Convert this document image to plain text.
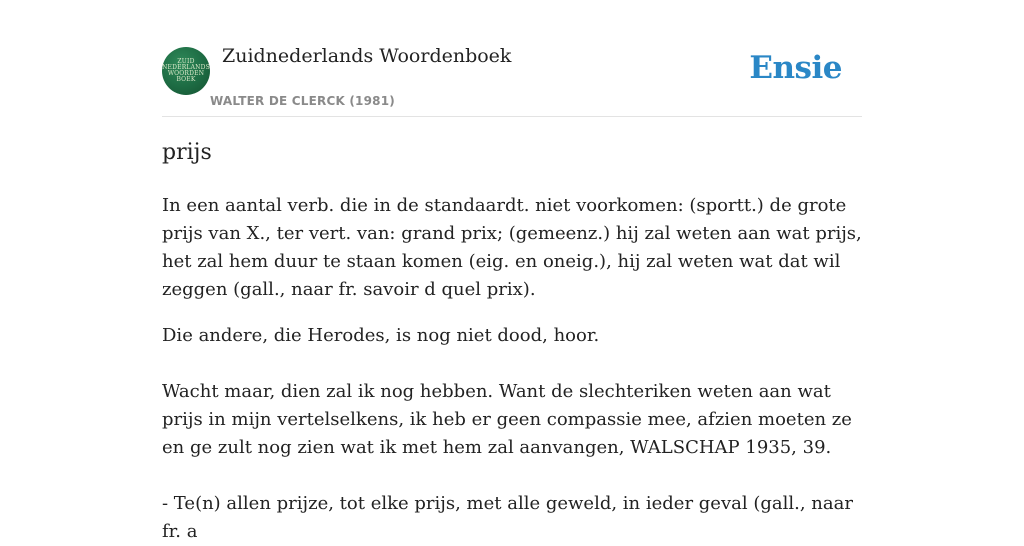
ZUID
NEDERLANDS
WOORDEN
BOEK
Zuidnederlands Woordenboek
WALTER DE CLERCK (1981)
Ensie
prijs

In een aantal verb. die in de standaardt. niet voorkomen: (sportt.) de grote prijs van X., ter vert. van: grand prix; (gemeenz.) hij zal weten aan wat prijs, het zal hem duur te staan komen (eig. en oneig.), hij zal weten wat dat wil zeggen (gall., naar fr. savoir d quel prix).

Die andere, die Herodes, is nog niet dood, hoor.

Wacht maar, dien zal ik nog hebben. Want de slechteriken weten aan wat prijs in mijn vertelselkens, ik heb er geen compassie mee, afzien moeten ze en ge zult nog zien wat ik met hem zal aanvangen, WALSCHAP 1935, 39.

- Te(n) allen prijze, tot elke prijs, met alle geweld, in ieder geval (gall., naar fr. a
